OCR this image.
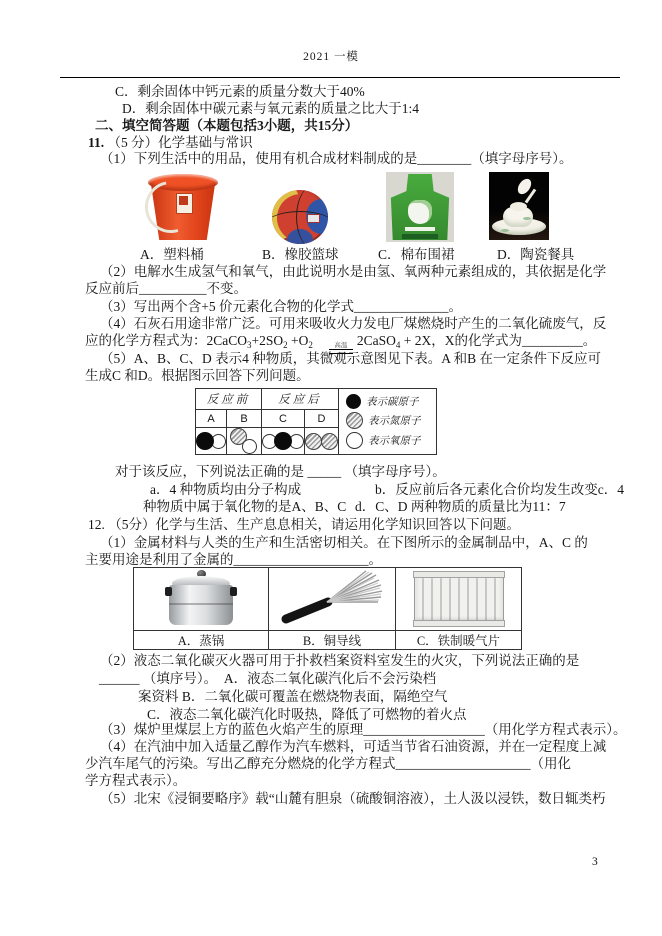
2021 一模
C．剩余固体中钙元素的质量分数大于40%
D．剩余固体中碳元素与氧元素的质量之比大于1:4
二、填空简答题（本题包括3小题，共15分）
11. （5 分）化学基础与常识
（1）下列生活中的用品，使用有机合成材料制成的是________（填字母序号）。
A．塑料桶	B．橡胶篮球	C．棉布围裙	D．陶瓷餐具
（2）电解水生成氢气和氧气，由此说明水是由氢、氧两种元素组成的，其依据是化学
反应前后__________不变。
（3）写出两个含+5 价元素化合物的化学式______________。
（4）石灰石用途非常广泛。可用来吸收火力发电厂煤燃烧时产生的二氧化硫废气，反
应的化学方程式为：$2CaCO_3+2SO_2 +O_2$	高温 2CaSO$_4$ + 2X，X的化学式为_________。
（5）A、B、C、D 表示4 种物质，其微观示意图见下表。A 和B 在一定条件下反应可
生成C 和D。根据图示回答下列问题。
反应前		反应后		表示碳原子
表示氮原子
表示氧原子

A	B	C	D	

对于该反应，下列说法正确的是 _____ （填字母序号）。
a．4 种物质均由分子构成	b．反应前后各元素化合价均发生改变c．4
种物质中属于氧化物的是A、B、C d．C、D 两种物质的质量比为11：7
12. （5分）化学与生活、生产息息相关，请运用化学知识回答以下问题。
（1）金属材料与人类的生产和生活密切相关。在下图所示的金属制品中，A、C 的
主要用途是利用了金属的____________________。

A．蒸锅	B．铜导线	C．铁制暖气片
（2）液态二氧化碳灭火器可用于扑救档案资料室发生的火灾，下列说法正确的是
______ （填序号）。　A．液态二氧化碳汽化后不会污染档
案资料 B．二氧化碳可覆盖在燃烧物表面，隔绝空气
C．液态二氧化碳汽化时吸热，降低了可燃物的着火点
（3）煤炉里煤层上方的蓝色火焰产生的原理__________________（用化学方程式表示）。
（4）在汽油中加入适量乙醇作为汽车燃料，可适当节省石油资源，并在一定程度上减
少汽车尾气的污染。写出乙醇充分燃烧的化学方程式____________________（用化
学方程式表示）。
（5）北宋《浸铜要略序》载“山麓有胆泉（硫酸铜溶液），土人汲以浸铁，数日辄类朽
3
